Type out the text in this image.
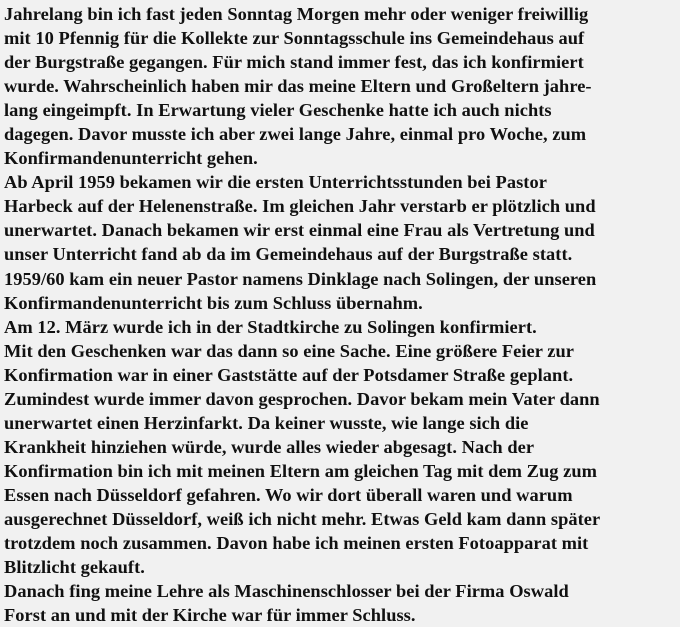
Jahrelang bin ich fast jeden Sonntag Morgen mehr oder weniger freiwillig
mit 10 Pfennig für die Kollekte zur Sonntagsschule ins Gemeindehaus auf
der Burgstraße gegangen. Für mich stand immer fest, das ich konfirmiert
wurde. Wahrscheinlich haben mir das meine Eltern und Großeltern jahre-
lang eingeimpft. In Erwartung vieler Geschenke hatte ich auch nichts
dagegen. Davor musste ich aber zwei lange Jahre, einmal pro Woche, zum
Konfirmandenunterricht gehen.
Ab April 1959 bekamen wir die ersten Unterrichtsstunden bei Pastor
Harbeck auf der Helenenstraße. Im gleichen Jahr verstarb er plötzlich und
unerwartet. Danach bekamen wir erst einmal eine Frau als Vertretung und
unser Unterricht fand ab da im Gemeindehaus auf der Burgstraße statt.
1959/60 kam ein neuer Pastor namens Dinklage nach Solingen, der unseren
Konfirmandenunterricht bis zum Schluss übernahm.
Am 12. März wurde ich in der Stadtkirche zu Solingen konfirmiert.
Mit den Geschenken war das dann so eine Sache. Eine größere Feier zur
Konfirmation war in einer Gaststätte auf der Potsdamer Straße geplant.
Zumindest wurde immer davon gesprochen. Davor bekam mein Vater dann
unerwartet einen Herzinfarkt. Da keiner wusste, wie lange sich die
Krankheit hinziehen würde, wurde alles wieder abgesagt. Nach der
Konfirmation bin ich mit meinen Eltern am gleichen Tag mit dem Zug zum
Essen nach Düsseldorf gefahren. Wo wir dort überall waren und warum
ausgerechnet Düsseldorf, weiß ich nicht mehr. Etwas Geld kam dann später
trotzdem noch zusammen. Davon habe ich meinen ersten Fotoapparat mit
Blitzlicht gekauft.
Danach fing meine Lehre als Maschinenschlosser bei der Firma Oswald
Forst an und mit der Kirche war für immer Schluss.
